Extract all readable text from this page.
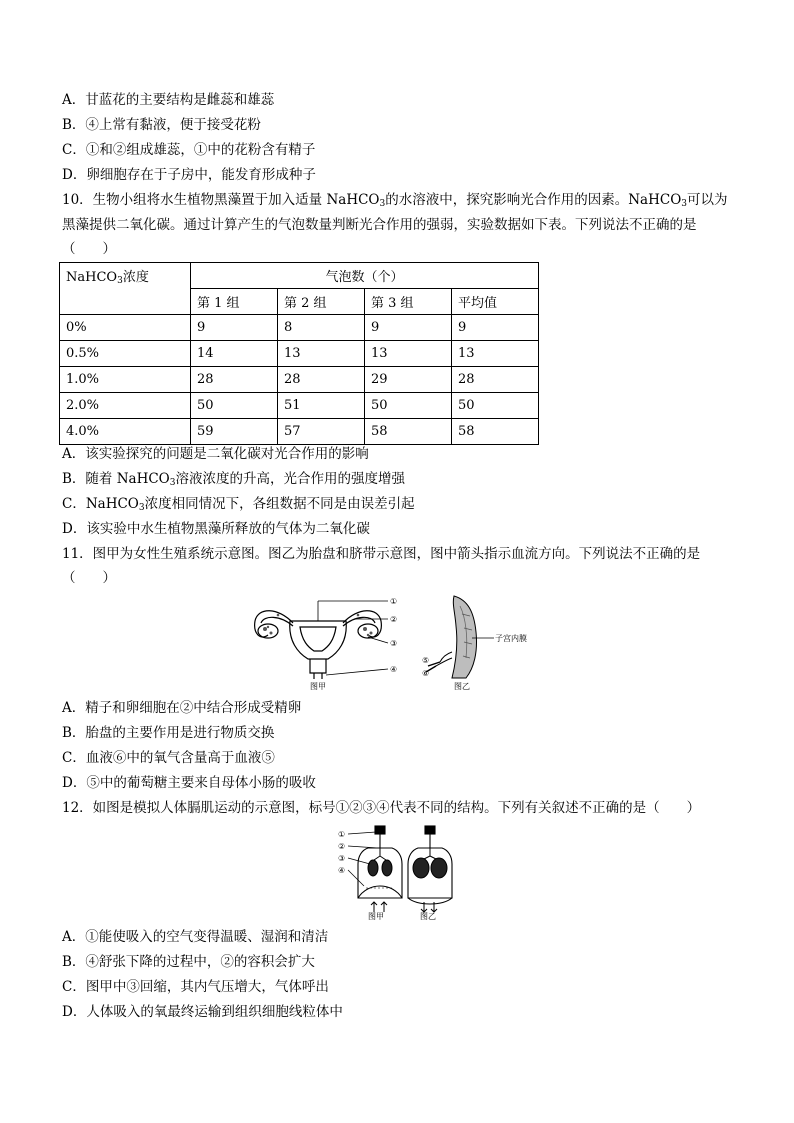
A．甘蓝花的主要结构是雌蕊和雄蕊
B．④上常有黏液，便于接受花粉
C．①和②组成雄蕊，①中的花粉含有精子
D．卵细胞存在于子房中，能发育形成种子
10．生物小组将水生植物黑藻置于加入适量 NaHCO$_3$的水溶液中，探究影响光合作用的因素。NaHCO$_3$可以为
黑藻提供二氧化碳。通过计算产生的气泡数量判断光合作用的强弱，实验数据如下表。下列说法不正确的是
（　　）
NaHCO$_3$浓度	气泡数（个）			
	第 1 组	第 2 组	第 3 组	平均值
0%	9	8	9	9
0.5%	14	13	13	13
1.0%	28	28	29	28
2.0%	50	51	50	50
4.0%	59	57	58	58
A．该实验探究的问题是二氧化碳对光合作用的影响
B．随着 NaHCO$_3$溶液浓度的升高，光合作用的强度增强
C．NaHCO$_3$浓度相同情况下，各组数据不同是由误差引起
D．该实验中水生植物黑藻所释放的气体为二氧化碳
11．图甲为女性生殖系统示意图。图乙为胎盘和脐带示意图，图中箭头指示血流方向。下列说法不正确的是
（　　）
①
②
③
④
图甲
子宫内膜
⑤
⑥
图乙
A．精子和卵细胞在②中结合形成受精卵
B．胎盘的主要作用是进行物质交换
C．血液⑥中的氧气含量高于血液⑤
D．⑤中的葡萄糖主要来自母体小肠的吸收
12．如图是模拟人体膈肌运动的示意图，标号①②③④代表不同的结构。下列有关叙述不正确的是（　　）
①
②
③
④
图甲	图乙
A．①能使吸入的空气变得温暖、湿润和清洁
B．④舒张下降的过程中，②的容积会扩大
C．图甲中③回缩，其内气压增大，气体呼出
D．人体吸入的氧最终运输到组织细胞线粒体中
